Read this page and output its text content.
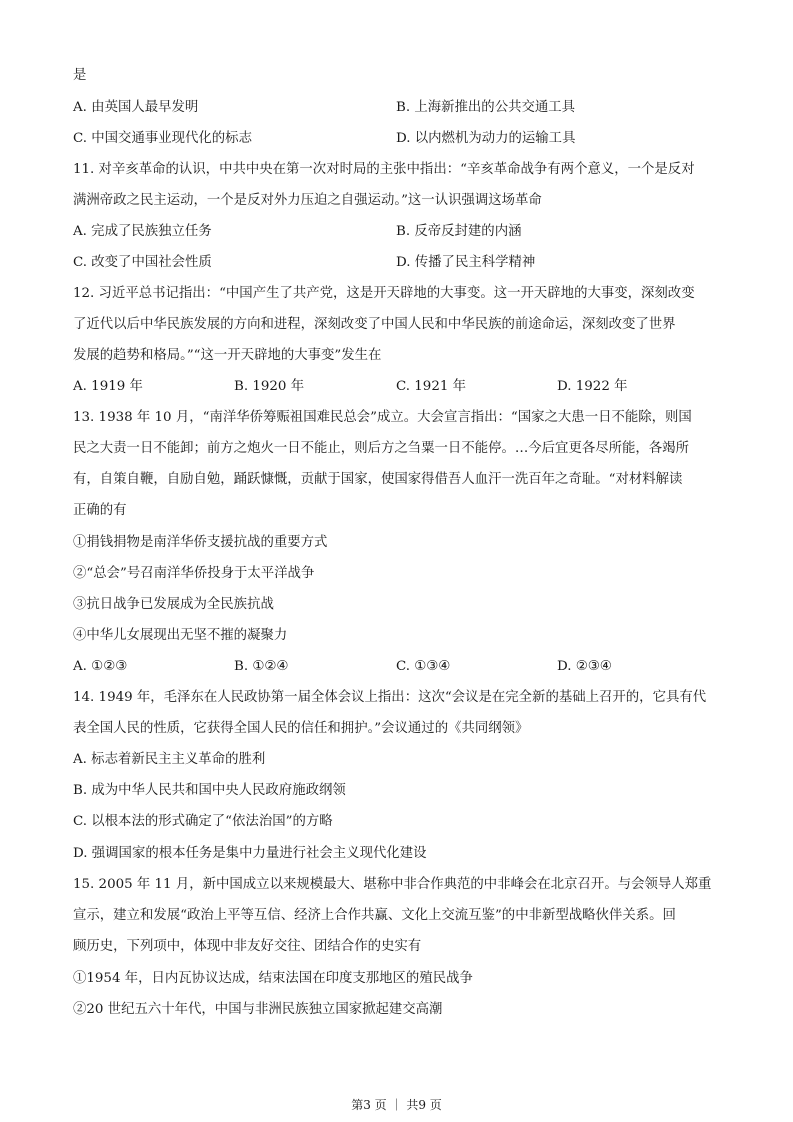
是
A. 由英国人最早发明	B. 上海新推出的公共交通工具
C. 中国交通事业现代化的标志	D. 以内燃机为动力的运输工具
11. 对辛亥革命的认识，中共中央在第一次对时局的主张中指出：“辛亥革命战争有两个意义，一个是反对
满洲帝政之民主运动，一个是反对外力压迫之自强运动。”这一认识强调这场革命
A. 完成了民族独立任务	B. 反帝反封建的内涵
C. 改变了中国社会性质	D. 传播了民主科学精神
12. 习近平总书记指出：“中国产生了共产党，这是开天辟地的大事变。这一开天辟地的大事变，深刻改变
了近代以后中华民族发展的方向和进程，深刻改变了中国人民和中华民族的前途命运，深刻改变了世界
发展的趋势和格局。”“这一开天辟地的大事变”发生在
A. 1919 年	B. 1920 年	C. 1921 年	D. 1922 年
13. 1938 年 10 月，“南洋华侨筹赈祖国难民总会”成立。大会宣言指出：“国家之大患一日不能除，则国
民之大责一日不能卸；前方之炮火一日不能止，则后方之刍粟一日不能停。…今后宜更各尽所能，各竭所
有，自策自鞭，自励自勉，踊跃慷慨，贡献于国家，使国家得借吾人血汗一洗百年之奇耻。“对材料解读
正确的有
①捐钱捐物是南洋华侨支援抗战的重要方式
②“总会”号召南洋华侨投身于太平洋战争
③抗日战争已发展成为全民族抗战
④中华儿女展现出无坚不摧的凝聚力
A. ①②③	B. ①②④	C. ①③④	D. ②③④
14. 1949 年，毛泽东在人民政协第一届全体会议上指出：这次“会议是在完全新的基础上召开的，它具有代
表全国人民的性质，它获得全国人民的信任和拥护。”会议通过的《共同纲领》
A. 标志着新民主主义革命的胜利
B. 成为中华人民共和国中央人民政府施政纲领
C. 以根本法的形式确定了“依法治国”的方略
D. 强调国家的根本任务是集中力量进行社会主义现代化建设
15. 2005 年 11 月，新中国成立以来规模最大、堪称中非合作典范的中非峰会在北京召开。与会领导人郑重
宣示，建立和发展“政治上平等互信、经济上合作共赢、文化上交流互鉴”的中非新型战略伙伴关系。回
顾历史，下列项中，体现中非友好交往、团结合作的史实有
①1954 年，日内瓦协议达成，结束法国在印度支那地区的殖民战争
②20 世纪五六十年代，中国与非洲民族独立国家掀起建交高潮
第3 页 ｜ 共9 页
